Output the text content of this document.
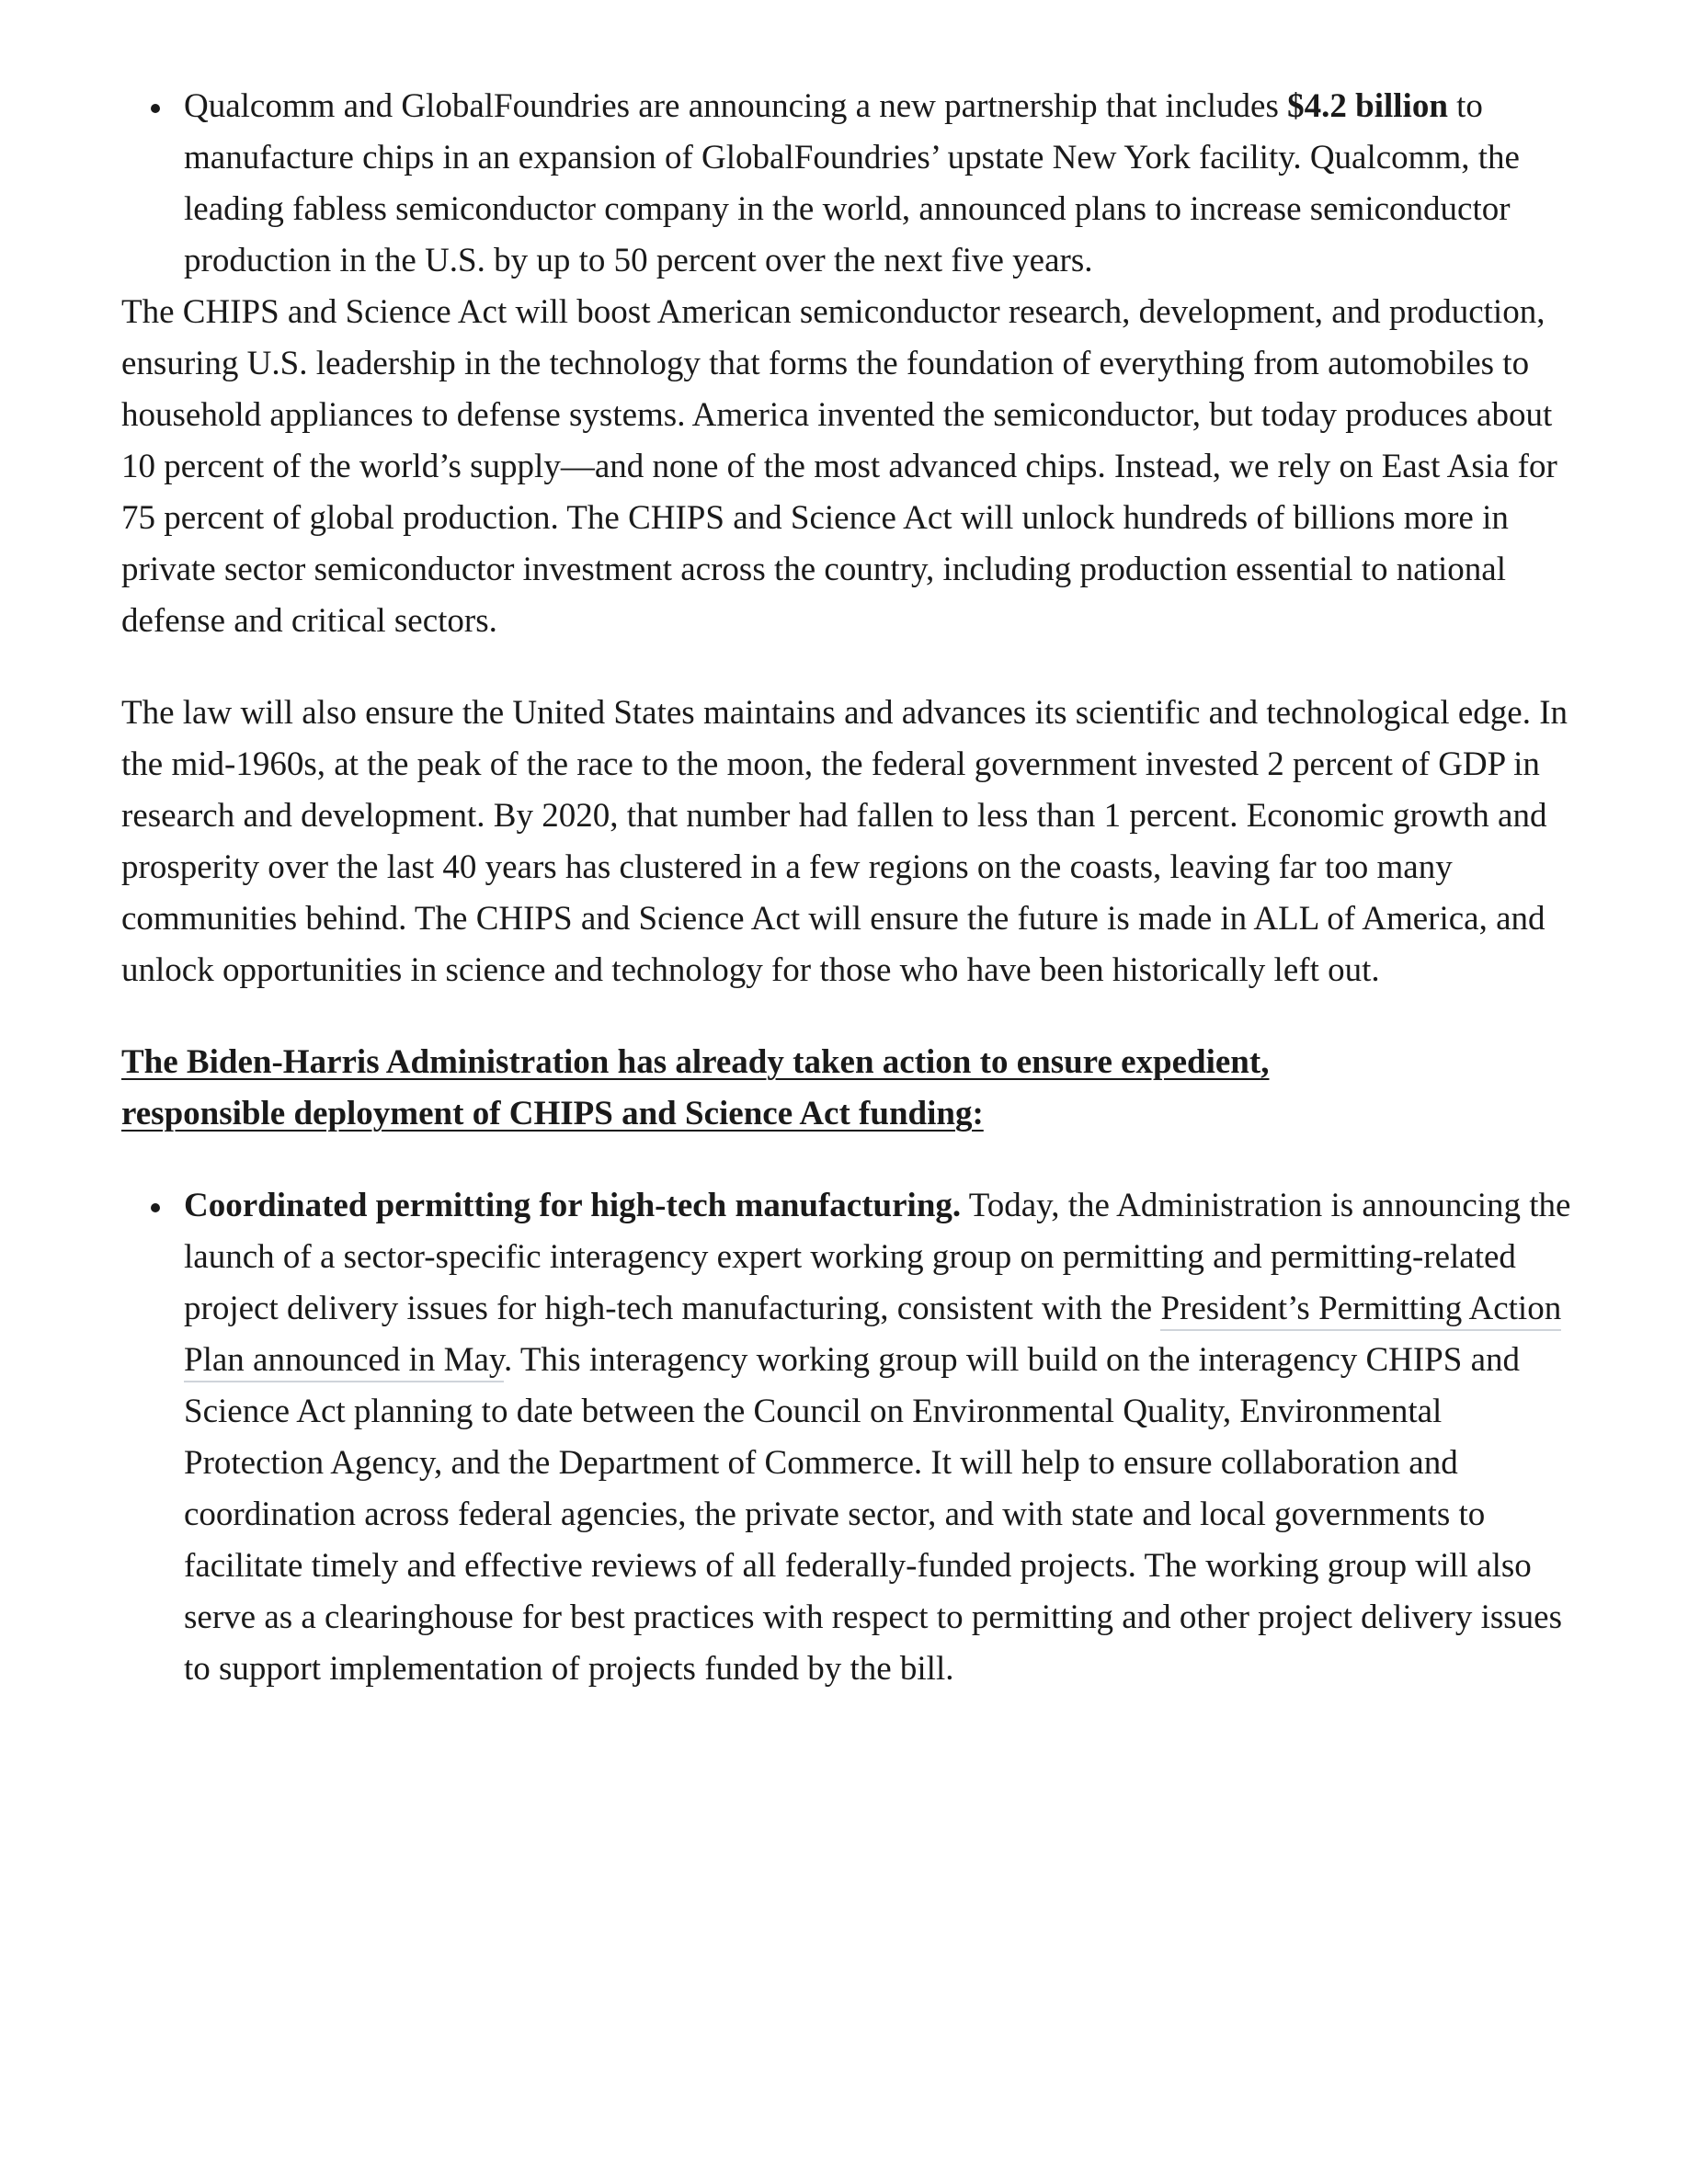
Qualcomm and GlobalFoundries are announcing a new partnership that includes $4.2 billion to manufacture chips in an expansion of GlobalFoundries’ upstate New York facility. Qualcomm, the leading fabless semiconductor company in the world, announced plans to increase semiconductor production in the U.S. by up to 50 percent over the next five years.

The CHIPS and Science Act will boost American semiconductor research, development, and production, ensuring U.S. leadership in the technology that forms the foundation of everything from automobiles to household appliances to defense systems. America invented the semiconductor, but today produces about 10 percent of the world’s supply—and none of the most advanced chips. Instead, we rely on East Asia for 75 percent of global production. The CHIPS and Science Act will unlock hundreds of billions more in private sector semiconductor investment across the country, including production essential to national defense and critical sectors.

The law will also ensure the United States maintains and advances its scientific and technological edge. In the mid-1960s, at the peak of the race to the moon, the federal government invested 2 percent of GDP in research and development. By 2020, that number had fallen to less than 1 percent. Economic growth and prosperity over the last 40 years has clustered in a few regions on the coasts, leaving far too many communities behind. The CHIPS and Science Act will ensure the future is made in ALL of America, and unlock opportunities in science and technology for those who have been historically left out.

The Biden-Harris Administration has already taken action to ensure expedient,
responsible deployment of CHIPS and Science Act funding:

Coordinated permitting for high-tech manufacturing. Today, the Administration is announcing the launch of a sector-specific interagency expert working group on permitting and permitting-related project delivery issues for high-tech manufacturing, consistent with the President’s Permitting Action Plan announced in May. This interagency working group will build on the interagency CHIPS and Science Act planning to date between the Council on Environmental Quality, Environmental Protection Agency, and the Department of Commerce. It will help to ensure collaboration and coordination across federal agencies, the private sector, and with state and local governments to facilitate timely and effective reviews of all federally-funded projects. The working group will also serve as a clearinghouse for best practices with respect to permitting and other project delivery issues to support implementation of projects funded by the bill.
